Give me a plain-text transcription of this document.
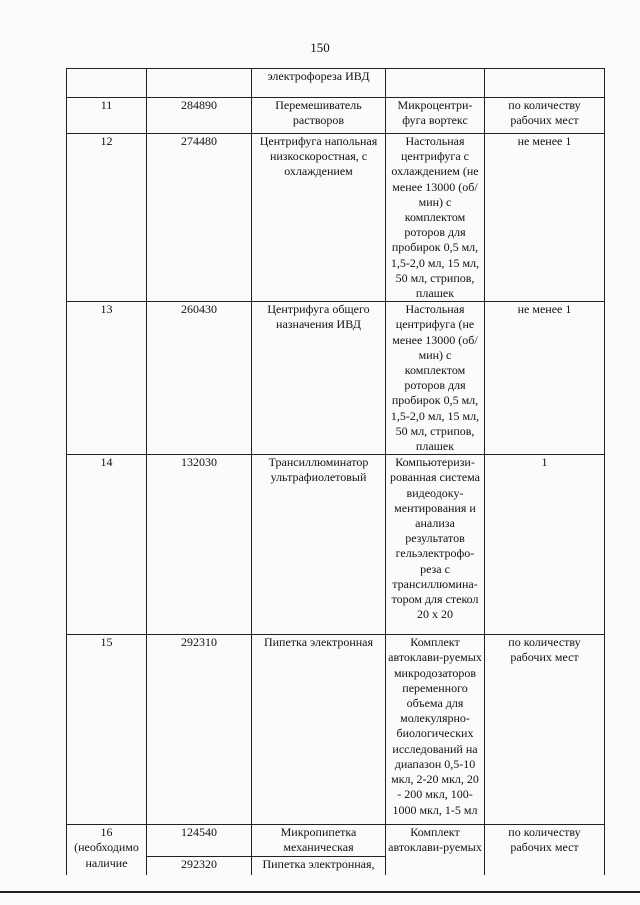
150
		электрофореза ИВД		
11	284890	Перемешиватель растворов	Микроцентри-фуга вортекс	по количеству рабочих мест
12	274480	Центрифуга напольная низкоскоростная, с охлаждением	Настольная центрифуга с охлаждением (не менее 13000 (об/мин) с комплектом роторов для пробирок 0,5 мл, 1,5-2,0 мл, 15 мл, 50 мл, стрипов, плашек	не менее 1
13	260430	Центрифуга общего назначения ИВД	Настольная центрифуга (не менее 13000 (об/мин) с комплектом роторов для пробирок 0,5 мл, 1,5-2,0 мл, 15 мл, 50 мл, стрипов, плашек	не менее 1
14	132030	Трансиллюминатор ультрафиолетовый	Компьютеризи-рованная система видеодоку-ментирования и анализа результатов гельэлектрофо-реза с трансиллюмина-тором для стекол 20 х 20	1
15	292310	Пипетка электронная	Комплект автоклави-руемых микродозаторов переменного объема для молекулярно-биологических исследований на диапазон 0,5-10 мкл, 2-20 мкл, 20 - 200 мкл, 100-1000 мкл, 1-5 мл	по количеству рабочих мест
16 (необходимо наличие	124540	Микропипетка механическая	Комплект автоклави-руемых	по количеству рабочих мест
	292320	Пипетка электронная,		
